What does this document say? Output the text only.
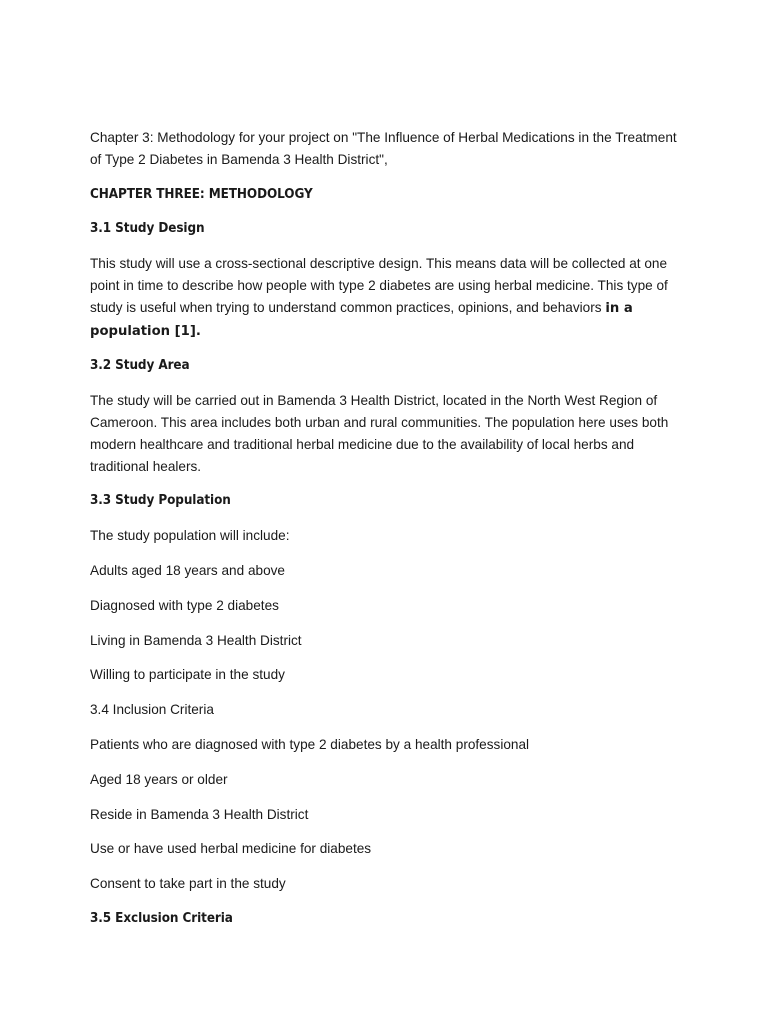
Chapter 3: Methodology for your project on "The Influence of Herbal Medications in the Treatment of Type 2 Diabetes in Bamenda 3 Health District",

CHAPTER THREE: METHODOLOGY

3.1 Study Design

This study will use a cross-sectional descriptive design. This means data will be collected at one point in time to describe how people with type 2 diabetes are using herbal medicine. This type of study is useful when trying to understand common practices, opinions, and behaviors in a population [1].

3.2 Study Area

The study will be carried out in Bamenda 3 Health District, located in the North West Region of Cameroon. This area includes both urban and rural communities. The population here uses both modern healthcare and traditional herbal medicine due to the availability of local herbs and traditional healers.

3.3 Study Population

The study population will include:

Adults aged 18 years and above

Diagnosed with type 2 diabetes

Living in Bamenda 3 Health District

Willing to participate in the study

3.4 Inclusion Criteria

Patients who are diagnosed with type 2 diabetes by a health professional

Aged 18 years or older

Reside in Bamenda 3 Health District

Use or have used herbal medicine for diabetes

Consent to take part in the study

3.5 Exclusion Criteria
